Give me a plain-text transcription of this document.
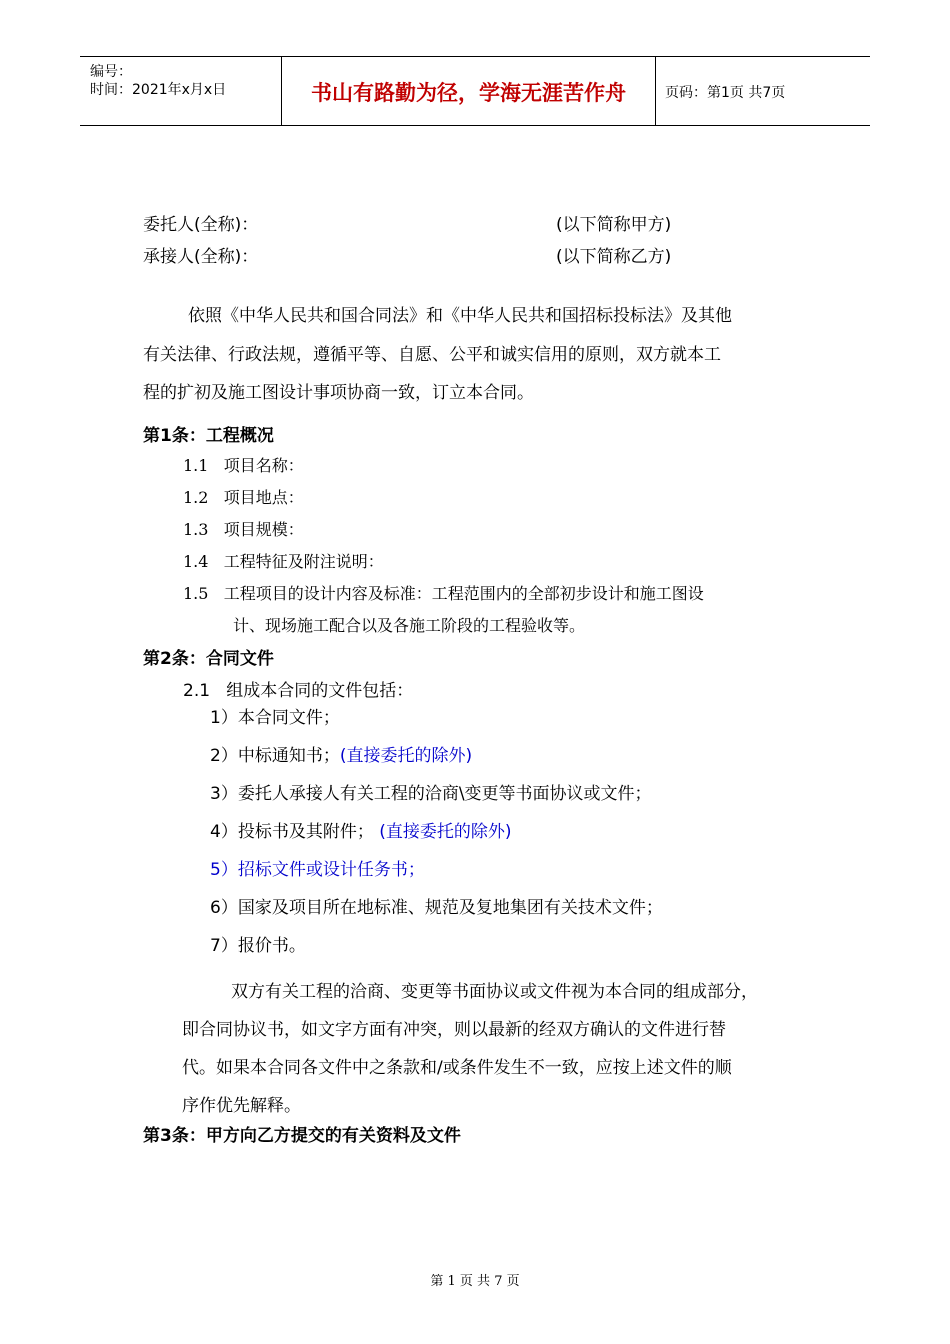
编号：
时间：2021年x月x日	书山有路勤为径，学海无涯苦作舟	页码：第1页 共7页
委托人(全称)：	(以下简称甲方)
承接人(全称)：	(以下简称乙方)
依照《中华人民共和国合同法》和《中华人民共和国招标投标法》及其他
有关法律、行政法规，遵循平等、自愿、公平和诚实信用的原则，双方就本工
程的扩初及施工图设计事项协商一致，订立本合同。
第1条：工程概况
1.1 项目名称：
1.2 项目地点：
1.3 项目规模：
1.4 工程特征及附注说明：
1.5 工程项目的设计内容及标准：工程范围内的全部初步设计和施工图设
计、现场施工配合以及各施工阶段的工程验收等。
第2条：合同文件
2.1 组成本合同的文件包括：
1）本合同文件；
2）中标通知书；(直接委托的除外)
3）委托人承接人有关工程的洽商\变更等书面协议或文件；
4）投标书及其附件； (直接委托的除外)
5）招标文件或设计任务书；
6）国家及项目所在地标准、规范及复地集团有关技术文件；
7）报价书。
双方有关工程的洽商、变更等书面协议或文件视为本合同的组成部分，
即合同协议书，如文字方面有冲突，则以最新的经双方确认的文件进行替
代。如果本合同各文件中之条款和/或条件发生不一致，应按上述文件的顺
序作优先解释。
第3条：甲方向乙方提交的有关资料及文件
第 1 页 共 7 页
